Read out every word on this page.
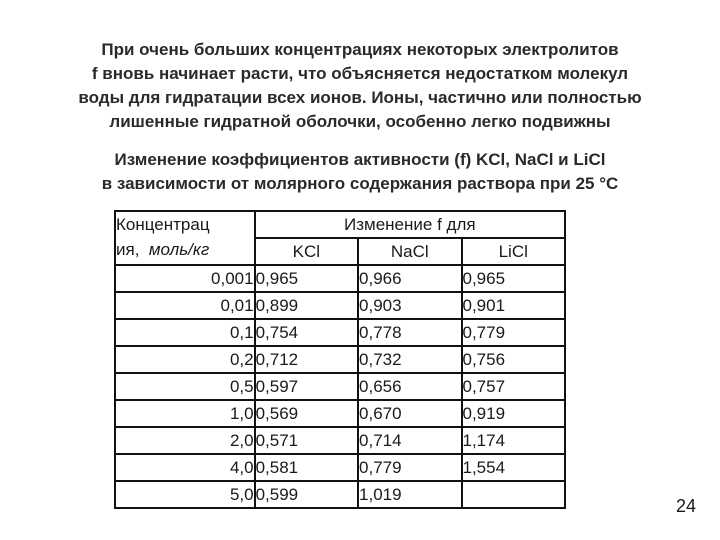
При очень больших концентрациях некоторых электролитов
f вновь начинает расти, что объясняется недостатком молекул
воды для гидратации всех ионов. Ионы, частично или полностью
лишенные гидратной оболочки, особенно легко подвижны
Изменение коэффициентов активности (f) KCl, NaCl и LiCl
в зависимости от молярного содержания раствора при 25 °С
Концентрац
ия, моль/кг	Изменение f для		
	KCl	NaCl	LiCl
0,001	0,965	0,966	0,965
0,01	0,899	0,903	0,901
0,1	0,754	0,778	0,779
0,2	0,712	0,732	0,756
0,5	0,597	0,656	0,757
1,0	0,569	0,670	0,919
2,0	0,571	0,714	1,174
4,0	0,581	0,779	1,554
5,0	0,599	1,019	
24
